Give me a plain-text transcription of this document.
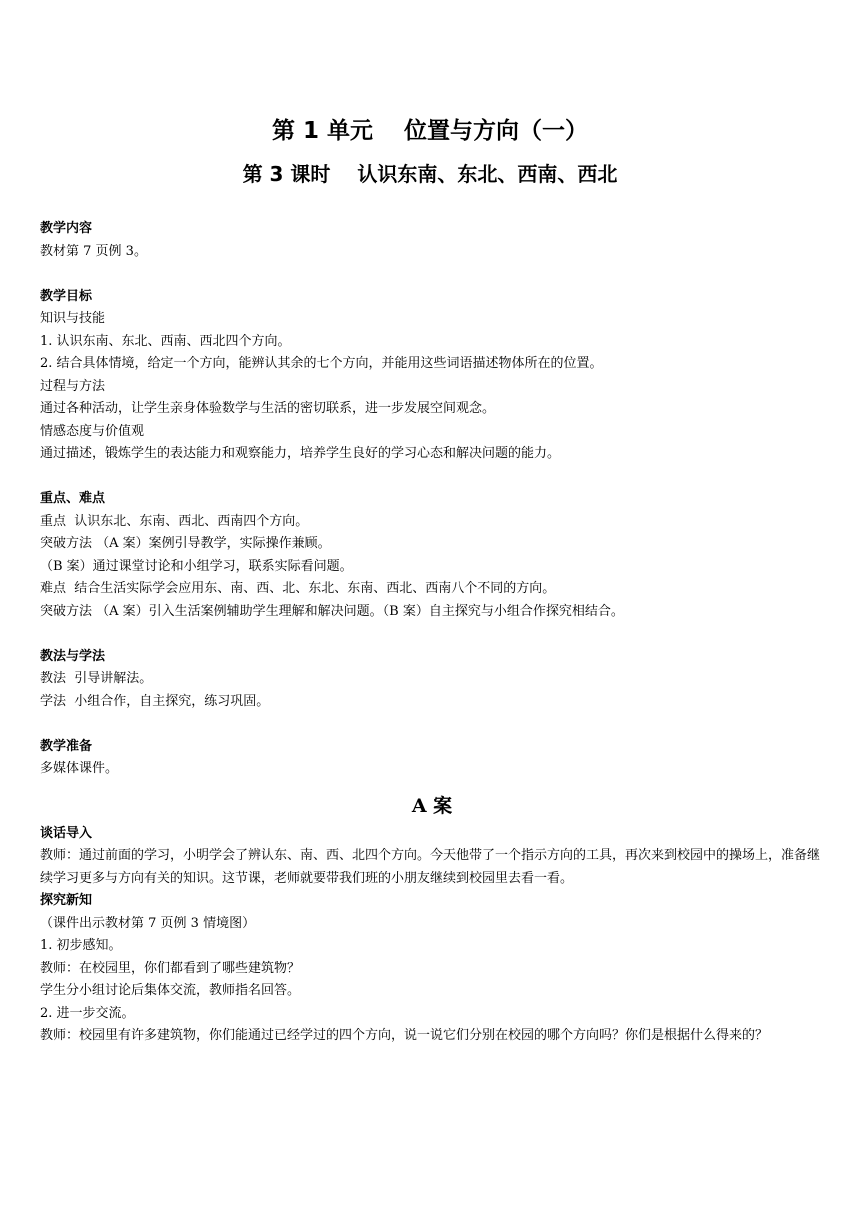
第 1 单元　 位置与方向（一）
第 3 课时　 认识东南、东北、西南、西北

教学内容

教材第 7 页例 3。

教学目标

知识与技能

1. 认识东南、东北、西南、西北四个方向。

2. 结合具体情境，给定一个方向，能辨认其余的七个方向，并能用这些词语描述物体所在的位置。

过程与方法

通过各种活动，让学生亲身体验数学与生活的密切联系，进一步发展空间观念。

情感态度与价值观

通过描述，锻炼学生的表达能力和观察能力，培养学生良好的学习心态和解决问题的能力。

重点、难点

重点  认识东北、东南、西北、西南四个方向。

突破方法 （A 案）案例引导教学，实际操作兼顾。

（B 案）通过课堂讨论和小组学习，联系实际看问题。

难点  结合生活实际学会应用东、南、西、北、东北、东南、西北、西南八个不同的方向。

突破方法 （A 案）引入生活案例辅助学生理解和解决问题。（B 案）自主探究与小组合作探究相结合。

教法与学法

教法  引导讲解法。

学法  小组合作，自主探究，练习巩固。

教学准备

多媒体课件。

A 案

谈话导入

教师：通过前面的学习，小明学会了辨认东、南、西、北四个方向。今天他带了一个指示方向的工具，再次来到校园中的操场上，准备继续学习更多与方向有关的知识。这节课，老师就要带我们班的小朋友继续到校园里去看一看。

探究新知

（课件出示教材第 7 页例 3 情境图）

1. 初步感知。

教师：在校园里，你们都看到了哪些建筑物？

学生分小组讨论后集体交流，教师指名回答。

2. 进一步交流。

教师：校园里有许多建筑物，你们能通过已经学过的四个方向，说一说它们分别在校园的哪个方向吗？你们是根据什么得来的？
